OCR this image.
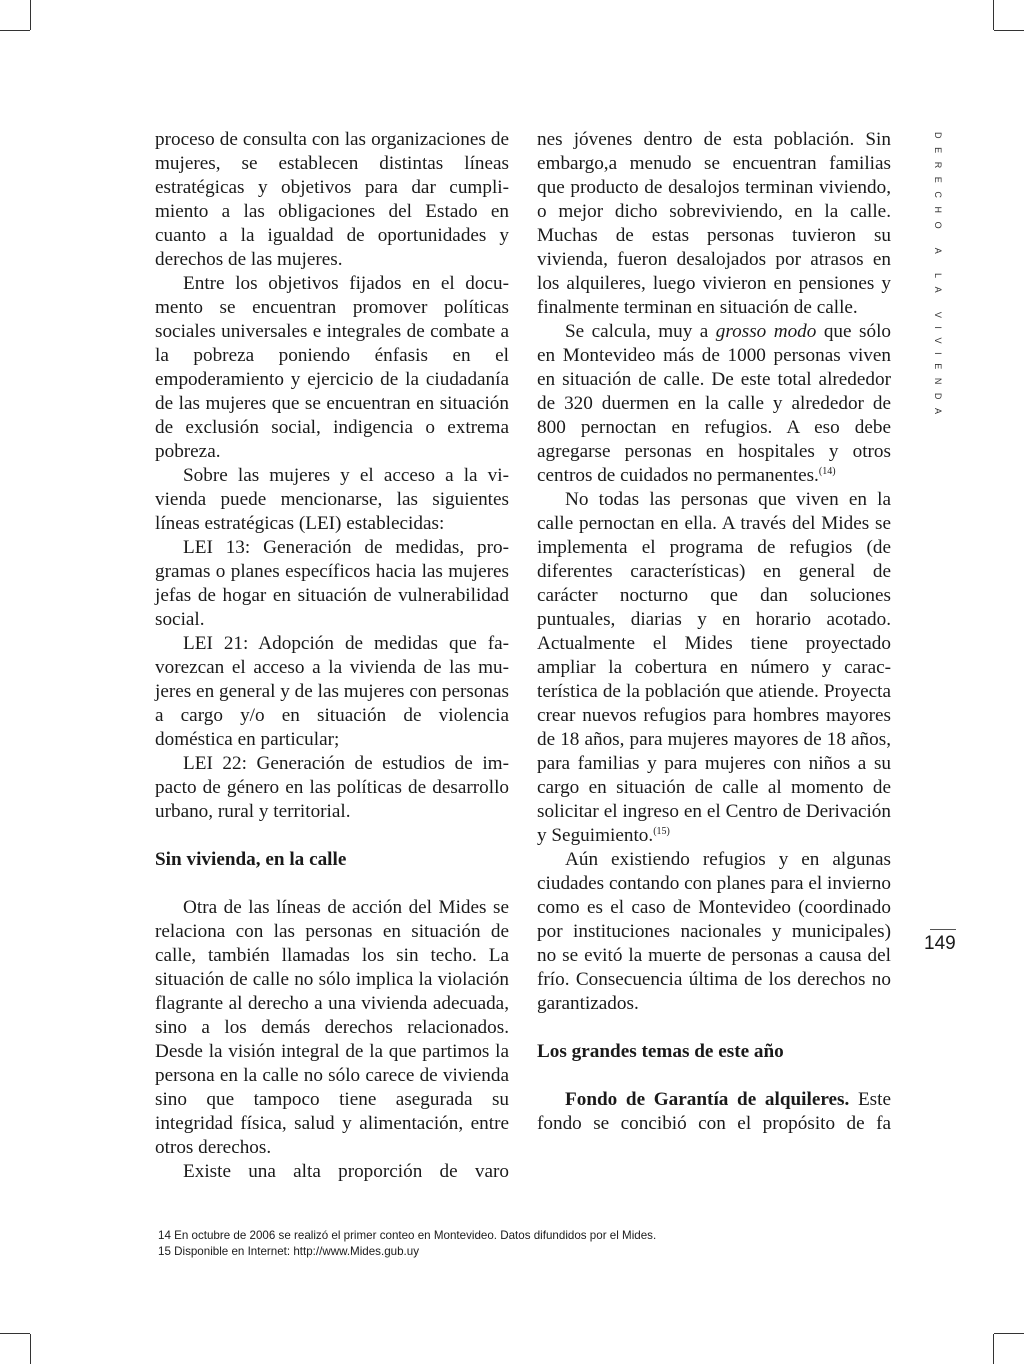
proceso de consulta con las organizaciones de mujeres, se establecen distintas líneas estratégicas y objetivos para dar cumplimiento a las obligaciones del Estado en cuanto a la igualdad de oportunidades y derechos de las mujeres.

Entre los objetivos fijados en el documento se encuentran promover políticas sociales universales e integrales de combate a la pobreza poniendo énfasis en el empoderamiento y ejercicio de la ciudadanía de las mujeres que se encuentran en situación de exclusión social, indigencia o extrema pobreza.

Sobre las mujeres y el acceso a la vivienda puede mencionarse, las siguientes líneas estratégicas (LEI) establecidas:

LEI 13: Generación de medidas, programas o planes específicos hacia las mujeres jefas de hogar en situación de vulnerabilidad social.

LEI 21: Adopción de medidas que favorezcan el acceso a la vivienda de las mujeres en general y de las mujeres con personas a cargo y/o en situación de violencia doméstica en particular;

LEI 22: Generación de estudios de impacto de género en las políticas de desarrollo urbano, rural y territorial.

Sin vivienda, en la calle

Otra de las líneas de acción del Mides se relaciona con las personas en situación de calle, también llamadas los sin techo. La situación de calle no sólo implica la violación flagrante al derecho a una vivienda adecuada, sino a los demás derechos relacionados. Desde la visión integral de la que partimos la persona en la calle no sólo carece de vivienda sino que tampoco tiene asegurada su integridad física, salud y alimentación, entre otros derechos.

Existe una alta proporción de varo

nes jóvenes dentro de esta población. Sin embargo,a menudo se encuentran familias que producto de desalojos terminan viviendo, o mejor dicho sobreviviendo, en la calle. Muchas de estas personas tuvieron su vivienda, fueron desalojados por atrasos en los alquileres, luego vivieron en pensiones y finalmente terminan en situación de calle.

Se calcula, muy a grosso modo que sólo en Montevideo más de 1000 personas viven en situación de calle. De este total alrededor de 320 duermen en la calle y alrededor de 800 pernoctan en refugios. A eso debe agregarse personas en hospitales y otros centros de cuidados no permanentes.$^{(14)}$

No todas las personas que viven en la calle pernoctan en ella. A través del Mides se implementa el programa de refugios (de diferentes características) en general de carácter nocturno que dan soluciones puntuales, diarias y en horario acotado. Actualmente el Mides tiene proyectado ampliar la cobertura en número y característica de la población que atiende. Proyecta crear nuevos refugios para hombres mayores de 18 años, para mujeres mayores de 18 años, para familias y para mujeres con niños a su cargo en situación de calle al momento de solicitar el ingreso en el Centro de Derivación y Seguimiento.$^{(15)}$

Aún existiendo refugios y en algunas ciudades contando con planes para el invierno como es el caso de Montevideo (coordinado por instituciones nacionales y municipales) no se evitó la muerte de personas a causa del frío. Consecuencia última de los derechos no garantizados.

Los grandes temas de este año

Fondo de Garantía de alquileres. Este fondo se concibió con el propósito de fa

DERECHO A LA VIVIENDA
149

14 En octubre de 2006 se realizó el primer conteo en Montevideo. Datos difundidos por el Mides.

15 Disponible en Internet: http://www.Mides.gub.uy
